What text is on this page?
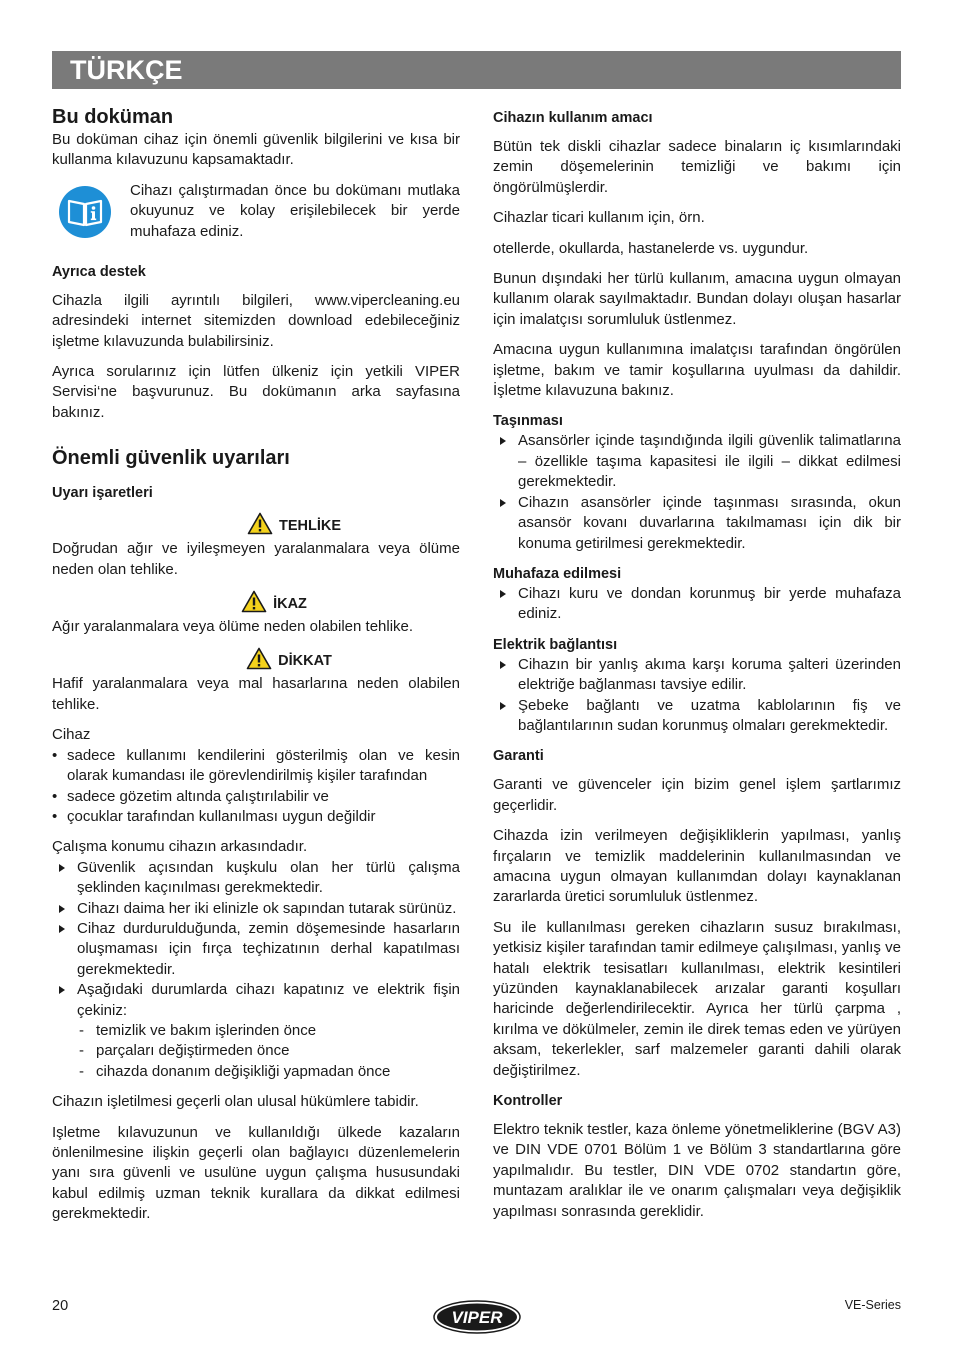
TÜRKÇE
Bu doküman

Bu doküman cihaz için önemli güvenlik bilgilerini ve kısa bir kullanma kılavuzunu kapsamaktadır.

Cihazı çalıştırmadan önce bu dokümanı mutlaka okuyunuz ve kolay erişilebilecek bir yerde muhafaza ediniz.

Ayrıca destek

Cihazla ilgili ayrıntılı bilgileri, www.vipercleaning.eu adresindeki internet sitemizden download edebileceğiniz işletme kılavuzunda bulabilirsiniz.

Ayrıca sorularınız için lütfen ülkeniz için yetkili VIPER Servisi‘ne başvurunuz. Bu dokümanın arka sayfasına bakınız.

Önemli güvenlik uyarıları
Uyarı işaretleri
TEHLİKE

Doğrudan ağır ve iyileşmeyen yaralanmalara veya ölüme neden olan tehlike.

İKAZ

Ağır yaralanmalara veya ölüme neden olabilen tehlike.

DİKKAT

Hafif yaralanmalara veya mal hasarlarına neden olabilen tehlike.

Cihaz

• sadece kullanımı kendilerini gösterilmiş olan ve kesin olarak kumandası ile görevlendirilmiş kişiler tarafından
• sadece gözetim altında çalıştırılabilir ve
• çocuklar tarafından kullanılması uygun değildir

Çalışma konumu cihazın arkasındadır.

Güvenlik açısından kuşkulu olan her türlü çalışma şeklinden kaçınılması gerekmektedir.
Cihazı daima her iki elinizle ok sapından tutarak sürünüz.
Cihaz durdurulduğunda, zemin döşemesinde hasarların oluşmaması için fırça teçhizatının derhal kapatılması gerekmektedir.
Aşağıdaki durumlarda cihazı kapatınız ve elektrik fişin çekiniz:
- temizlik ve bakım işlerinden önce
- parçaları değiştirmeden önce
- cihazda donanım değişikliği yapmadan önce

Cihazın işletilmesi geçerli olan ulusal hükümlere tabidir.

Işletme kılavuzunun ve kullanıldığı ülkede kazaların önlenilmesine ilişkin geçerli olan bağlayıcı düzenlemelerin yanı sıra güvenli ve usulüne uygun çalışma hususundaki kabul edilmiş uzman teknik kurallara da dikkat edilmesi gerekmektedir.

Cihazın kullanım amacı

Bütün tek diskli cihazlar sadece binaların iç kısımlarındaki zemin döşemelerinin temizliği ve bakımı için öngörülmüşlerdir.

Cihazlar ticari kullanım için, örn.

otellerde, okullarda, hastanelerde vs. uygundur.

Bunun dışındaki her türlü kullanım, amacına uygun olmayan kullanım olarak sayılmaktadır. Bundan dolayı oluşan hasarlar için imalatçısı sorumluluk üstlenmez.

Amacına uygun kullanımına imalatçısı tarafından öngörülen işletme, bakım ve tamir koşullarına uyulması da dahildir. İşletme kılavuzuna bakınız.

Taşınması
Asansörler içinde taşındığında ilgili güvenlik talimatlarına – özellikle taşıma kapasitesi ile ilgili – dikkat edilmesi gerekmektedir.
Cihazın asansörler içinde taşınması sırasında, okun asansör kovanı duvarlarına takılmaması için dik bir konuma getirilmesi gerekmektedir.
Muhafaza edilmesi
Cihazı kuru ve dondan korunmuş bir yerde muhafaza ediniz.
Elektrik bağlantısı
Cihazın bir yanlış akıma karşı koruma şalteri üzerinden elektriğe bağlanması tavsiye edilir.
Şebeke bağlantı ve uzatma kablolarının fiş ve bağlantılarının sudan korunmuş olmaları gerekmektedir.
Garanti

Garanti ve güvenceler için bizim genel işlem şartlarımız geçerlidir.

Cihazda izin verilmeyen değişikliklerin yapılması, yanlış fırçaların ve temizlik maddelerinin kullanılmasından ve amacına uygun olmayan kullanımdan dolayı kaynaklanan zararlarda üretici sorumluluk üstlenmez.

Su ile kullanılması gereken cihazların susuz bırakılması, yetkisiz kişiler tarafından tamir edilmeye çalışılması, yanlış ve hatalı elektrik tesisatları kullanılması, elektrik kesintileri yüzünden kaynaklanabilecek arızalar garanti koşulları haricinde değerlendirilecektir. Ayrıca her türlü çarpma , kırılma ve dökülmeler, zemin ile direk temas eden ve yürüyen aksam, tekerlekler, sarf malzemeler garanti dahili olarak değiştirilmez.

Kontroller

Elektro teknik testler, kaza önleme yönetmeliklerine (BGV A3) ve DIN VDE 0701 Bölüm 1 ve Bölüm 3 standartlarına göre yapılmalıdır. Bu testler, DIN VDE 0702 standartın göre, muntazam aralıklar ile ve onarım çalışmaları veya değişiklik yapılması sonrasında gereklidir.

20
VIPER
VE-Series
